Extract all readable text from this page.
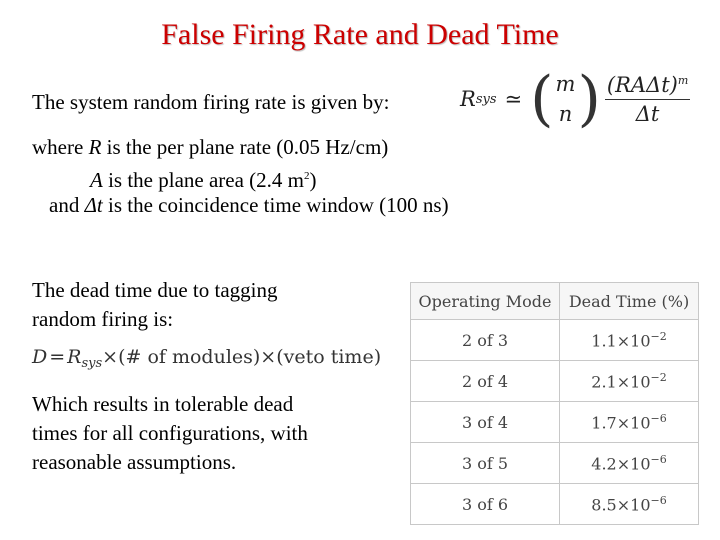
False Firing Rate and Dead Time
The system random firing rate is given by:	R sys ≃ ( m
n ) $\frac{(RA\Delta t)^m}{\Delta t}$
where R is the per plane rate (0.05 Hz/cm)
A is the plane area (2.4 $m^2$)
and Δt is the coincidence time window (100 ns)
The dead time due to tagging
random firing is:
$D = R_{sys}\times(\#$ of modules)×(veto time)
Which results in tolerable dead
times for all configurations, with
reasonable assumptions.
Operating Mode	Dead Time (%)
2 of 3	$1.1\times 10^{-2}$
2 of 4	$2.1\times 10^{-2}$
3 of 4	$1.7\times 10^{-6}$
3 of 5	$4.2\times 10^{-6}$
3 of 6	$8.5\times 10^{-6}$
